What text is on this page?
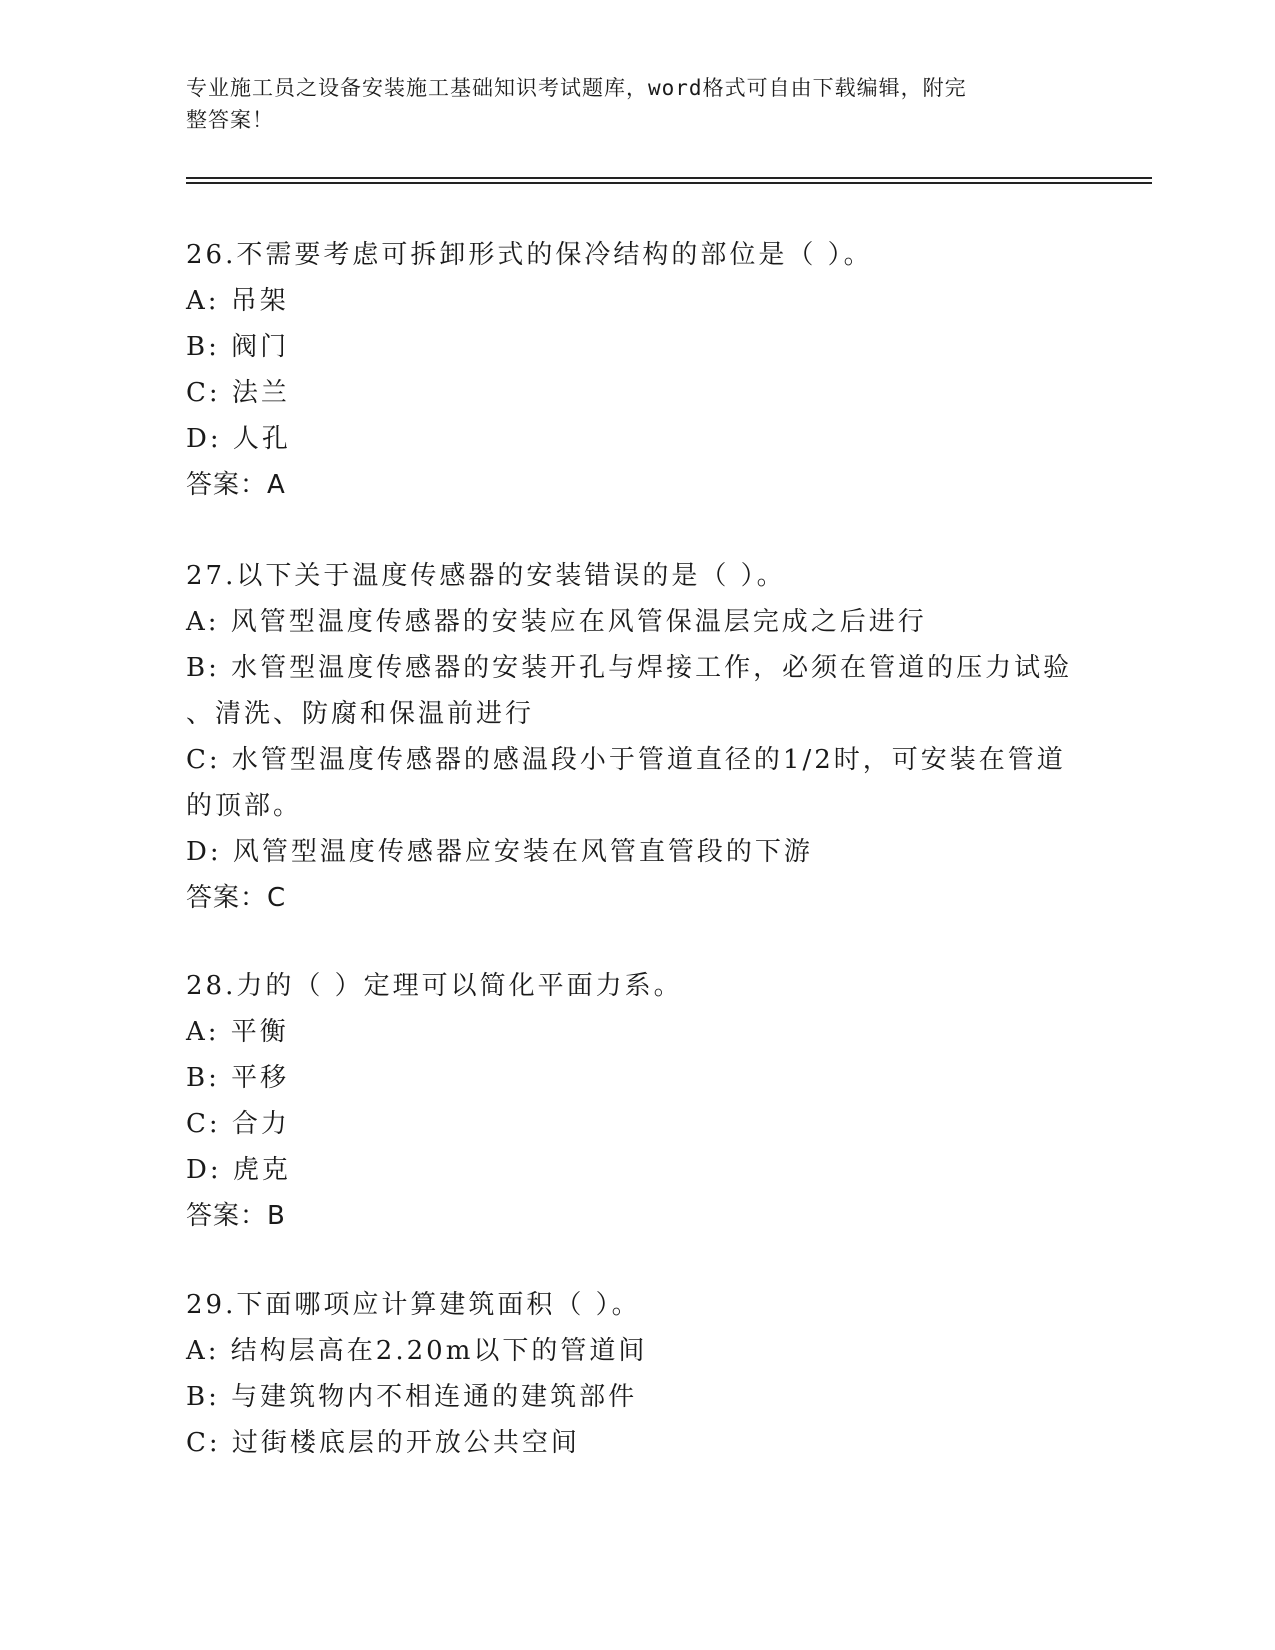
专业施工员之设备安装施工基础知识考试题库，word格式可自由下载编辑，附完
整答案！
26.不需要考虑可拆卸形式的保冷结构的部位是（ ）。
A: 吊架
B: 阀门
C: 法兰
D: 人孔
答案：A
27.以下关于温度传感器的安装错误的是（ ）。
A: 风管型温度传感器的安装应在风管保温层完成之后进行
B: 水管型温度传感器的安装开孔与焊接工作，必须在管道的压力试验
、清洗、防腐和保温前进行
C: 水管型温度传感器的感温段小于管道直径的1/2时，可安装在管道
的顶部。
D: 风管型温度传感器应安装在风管直管段的下游
答案：C
28.力的（ ）定理可以简化平面力系。
A: 平衡
B: 平移
C: 合力
D: 虎克
答案：B
29.下面哪项应计算建筑面积（ ）。
A: 结构层高在2.20m以下的管道间
B: 与建筑物内不相连通的建筑部件
C: 过街楼底层的开放公共空间
